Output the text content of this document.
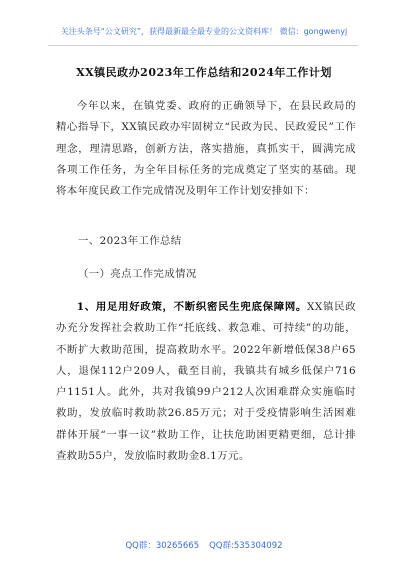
关注头条号“公文研究”，获得最新最全最专业的公文资料库！ 微信：gongwenyj
XX镇民政办2023年工作总结和2024年工作计划
今年以来，在镇党委、政府的正确领导下，在县民政局的精心指导下，XX镇民政办牢固树立“民政为民、民政爱民”工作理念，理清思路，创新方法，落实措施，真抓实干，圆满完成各项工作任务，为全年目标任务的完成奠定了坚实的基础。现将本年度民政工作完成情况及明年工作计划安排如下：
一、2023年工作总结
（一）亮点工作完成情况
1、用足用好政策，不断织密民生兜底保障网。XX镇民政办充分发挥社会救助工作“托底线、救急难、可持续”的功能，不断扩大救助范围，提高救助水平。2022年新增低保38户65人，退保112户209人，截至目前，我镇共有城乡低保户716户1151人。此外，共对我镇99户212人次困难群众实施临时救助，发放临时救助款26.85万元；对于受疫情影响生活困难群体开展“一事一议”救助工作，让扶危助困更精更细，总计排查救助55户，发放临时救助金8.1万元。
QQ群：30265665 QQ群:535304092
